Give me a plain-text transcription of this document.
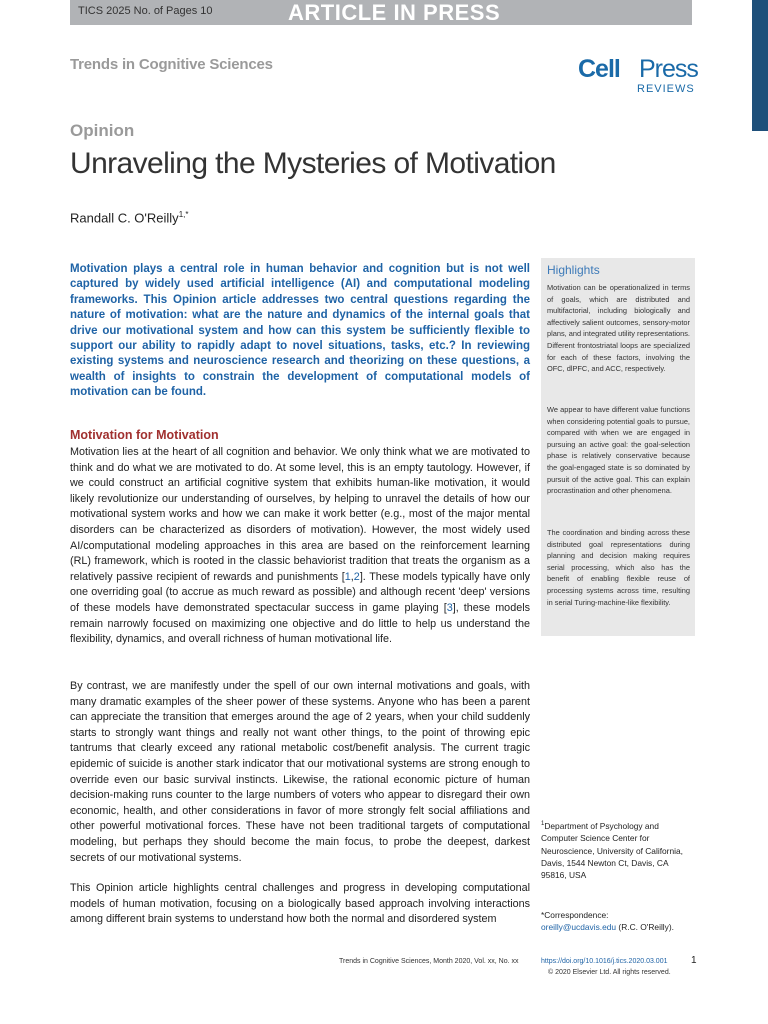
TICS 2025 No. of Pages 10	ARTICLE IN PRESS
Trends in Cognitive Sciences	Cell Press
REVIEWS
Opinion
Unraveling the Mysteries of Motivation
Randall C. O'Reilly$^{1,*}$
Motivation plays a central role in human behavior and cognition but is not well captured by widely used artificial intelligence (AI) and computational modeling frameworks. This Opinion article addresses two central questions regarding the nature of motivation: what are the nature and dynamics of the internal goals that drive our motivational system and how can this system be sufficiently flexible to support our ability to rapidly adapt to novel situations, tasks, etc.? In reviewing existing systems and neuroscience research and theorizing on these questions, a wealth of insights to constrain the development of computational models of motivation can be found.
Motivation for Motivation
Motivation lies at the heart of all cognition and behavior. We only think what we are motivated to think and do what we are motivated to do. At some level, this is an empty tautology. However, if we could construct an artificial cognitive system that exhibits human-like motivation, it would likely revolutionize our understanding of ourselves, by helping to unravel the details of how our motivational system works and how we can make it work better (e.g., most of the major mental disorders can be characterized as disorders of motivation). However, the most widely used AI/computational modeling approaches in this area are based on the reinforcement learning (RL) framework, which is rooted in the classic behaviorist tradition that treats the organism as a relatively passive recipient of rewards and punishments [1,2]. These models typically have only one overriding goal (to accrue as much reward as possible) and although recent 'deep' versions of these models have demonstrated spectacular success in game playing [3], these models remain narrowly focused on maximizing one objective and do little to help us understand the flexibility, dynamics, and overall richness of human motivational life.
By contrast, we are manifestly under the spell of our own internal motivations and goals, with many dramatic examples of the sheer power of these systems. Anyone who has been a parent can appreciate the transition that emerges around the age of 2 years, when your child suddenly starts to strongly want things and really not want other things, to the point of throwing epic tantrums that clearly exceed any rational metabolic cost/benefit analysis. The current tragic epidemic of suicide is another stark indicator that our motivational systems are strong enough to override even our basic survival instincts. Likewise, the rational economic picture of human decision-making runs counter to the large numbers of voters who appear to disregard their own economic, health, and other considerations in favor of more strongly felt social affiliations and other powerful motivational forces. These have not been traditional targets of computational modeling, but perhaps they should become the main focus, to probe the deepest, darkest secrets of our motivational systems.
This Opinion article highlights central challenges and progress in developing computational models of human motivation, focusing on a biologically based approach involving interactions among different brain systems to understand how both the normal and disordered system
Highlights
Motivation can be operationalized in terms of goals, which are distributed and multifactorial, including biologically and affectively salient outcomes, sensory-motor plans, and integrated utility representations. Different frontostriatal loops are specialized for each of these factors, involving the OFC, dlPFC, and ACC, respectively.
We appear to have different value functions when considering potential goals to pursue, compared with when we are engaged in pursuing an active goal: the goal-selection phase is relatively conservative because the goal-engaged state is so dominated by pursuit of the active goal. This can explain procrastination and other phenomena.
The coordination and binding across these distributed goal representations during planning and decision making requires serial processing, which also has the benefit of enabling flexible reuse of processing systems across time, resulting in serial Turing-machine-like flexibility.
$^1$Department of Psychology and Computer Science Center for Neuroscience, University of California, Davis, 1544 Newton Ct, Davis, CA 95816, USA
*Correspondence:
oreilly@ucdavis.edu (R.C. O'Reilly).
Trends in Cognitive Sciences, Month 2020, Vol. xx, No. xx	https://doi.org/10.1016/j.tics.2020.03.001
© 2020 Elsevier Ltd. All rights reserved.
1
